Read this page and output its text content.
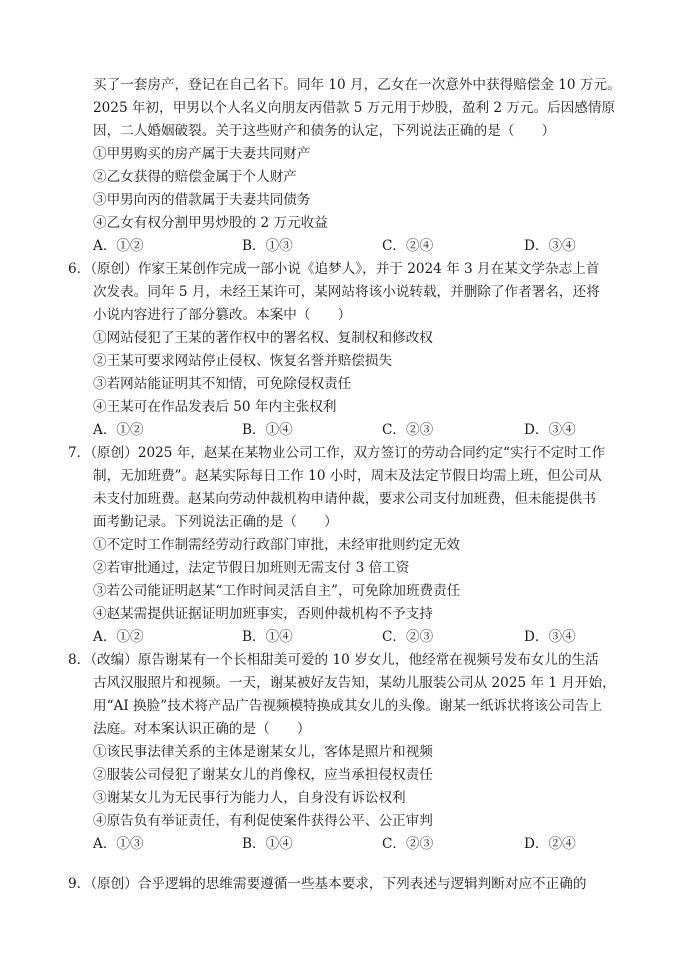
买了一套房产，登记在自己名下。同年 10 月，乙女在一次意外中获得赔偿金 10 万元。
2025 年初，甲男以个人名义向朋友丙借款 5 万元用于炒股，盈利 2 万元。后因感情原
因，二人婚姻破裂。关于这些财产和债务的认定，下列说法正确的是（　　）
①甲男购买的房产属于夫妻共同财产
②乙女获得的赔偿金属于个人财产
③甲男向丙的借款属于夫妻共同债务
④乙女有权分割甲男炒股的 2 万元收益
A．①②	B．①③	C．②④	D．③④
6．（原创）作家王某创作完成一部小说《追梦人》，并于 2024 年 3 月在某文学杂志上首
次发表。同年 5 月，未经王某许可，某网站将该小说转载，并删除了作者署名，还将
小说内容进行了部分篡改。本案中（　　）
①网站侵犯了王某的著作权中的署名权、复制权和修改权
②王某可要求网站停止侵权、恢复名誉并赔偿损失
③若网站能证明其不知情，可免除侵权责任
④王某可在作品发表后 50 年内主张权利
A．①②	B．①④	C．②③	D．③④
7．（原创）2025 年，赵某在某物业公司工作，双方签订的劳动合同约定“实行不定时工作
制，无加班费”。赵某实际每日工作 10 小时，周末及法定节假日均需上班，但公司从
未支付加班费。赵某向劳动仲裁机构申请仲裁，要求公司支付加班费，但未能提供书
面考勤记录。下列说法正确的是（　　）
①不定时工作制需经劳动行政部门审批，未经审批则约定无效
②若审批通过，法定节假日加班则无需支付 3 倍工资
③若公司能证明赵某“工作时间灵活自主”，可免除加班费责任
④赵某需提供证据证明加班事实，否则仲裁机构不予支持
A．①②	B．①④	C．②③	D．③④
8．（改编）原告谢某有一个长相甜美可爱的 10 岁女儿，他经常在视频号发布女儿的生活
古风汉服照片和视频。一天，谢某被好友告知，某幼儿服装公司从 2025 年 1 月开始，
用“AI 换脸”技术将产品广告视频模特换成其女儿的头像。谢某一纸诉状将该公司告上
法庭。对本案认识正确的是（　　）
①该民事法律关系的主体是谢某女儿，客体是照片和视频
②服装公司侵犯了谢某女儿的肖像权，应当承担侵权责任
③谢某女儿为无民事行为能力人，自身没有诉讼权利
④原告负有举证责任，有利促使案件获得公平、公正审判
A．①③	B．①④	C．②③	D．②④
9．（原创）合乎逻辑的思维需要遵循一些基本要求，下列表述与逻辑判断对应不正确的
